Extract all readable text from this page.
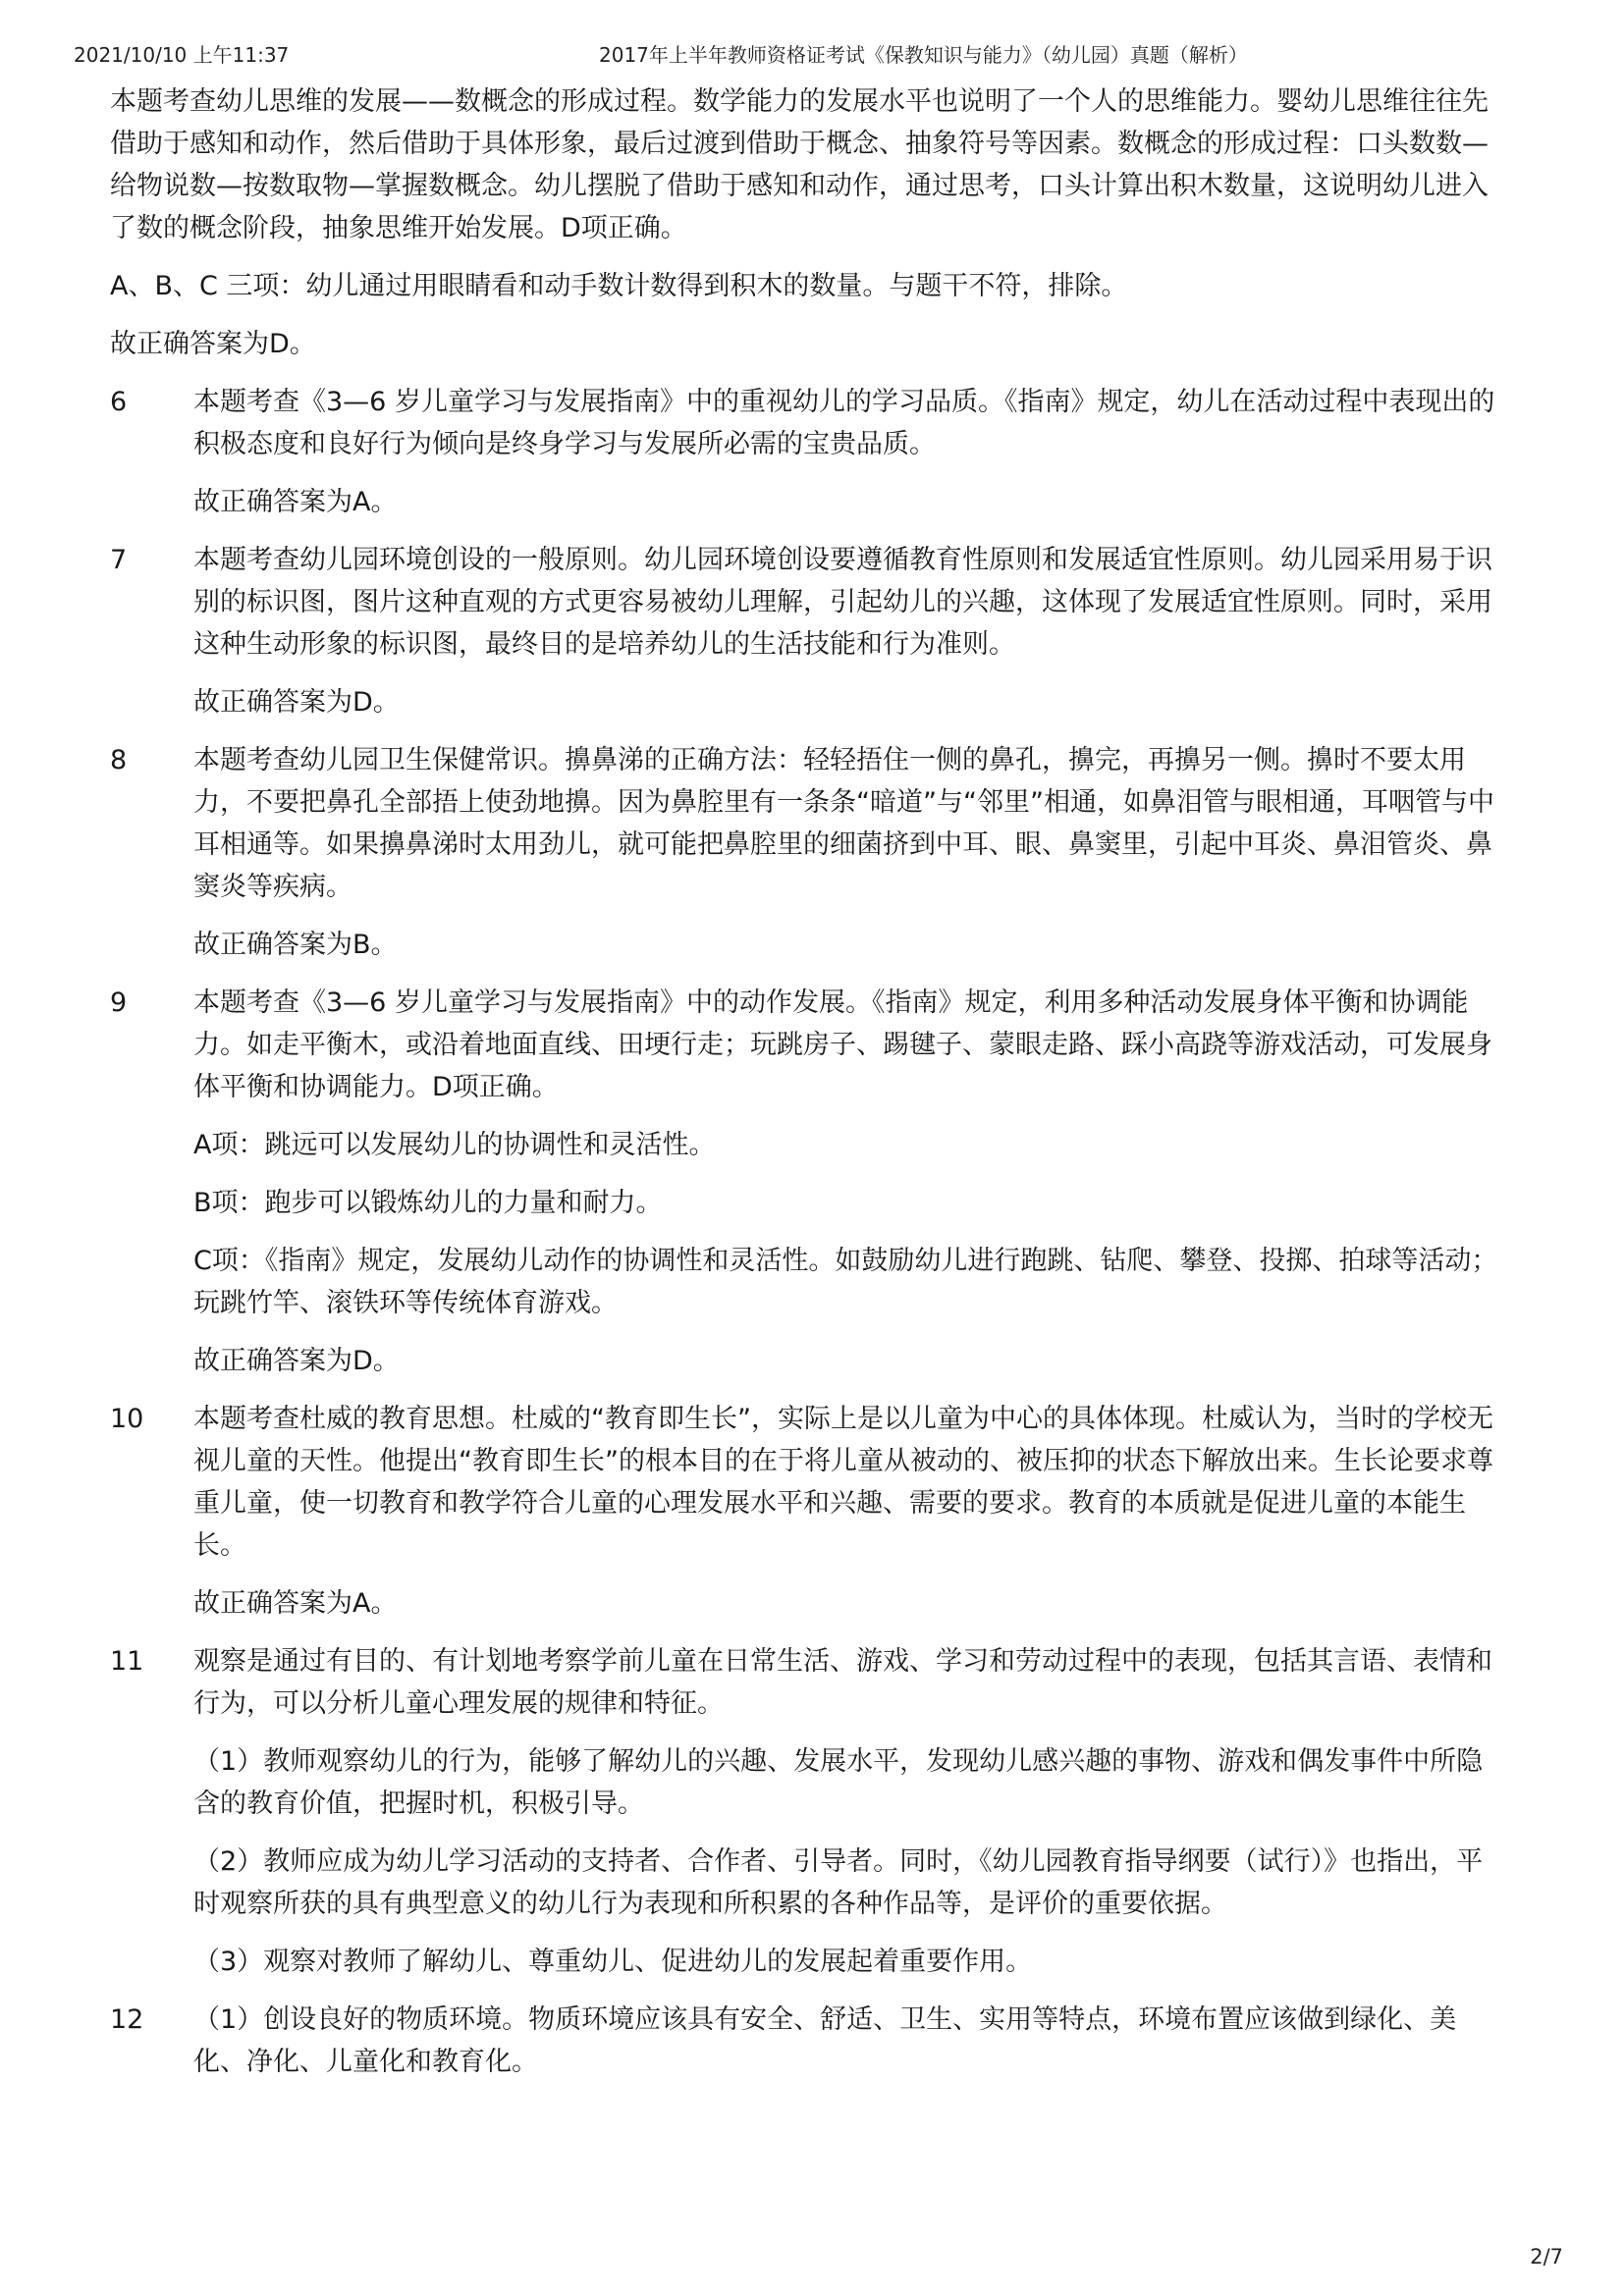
2021/10/10 上午11:37	2017年上半年教师资格证考试《保教知识与能力》（幼儿园）真题（解析）

本题考查幼儿思维的发展——数概念的形成过程。数学能力的发展水平也说明了一个人的思维能力。婴幼儿思维往往先借助于感知和动作，然后借助于具体形象，最后过渡到借助于概念、抽象符号等因素。数概念的形成过程：口头数数—给物说数—按数取物—掌握数概念。幼儿摆脱了借助于感知和动作，通过思考，口头计算出积木数量，这说明幼儿进入了数的概念阶段，抽象思维开始发展。D项正确。

A、B、C 三项：幼儿通过用眼睛看和动手数计数得到积木的数量。与题干不符，排除。

故正确答案为D。

6	本题考查《3—6 岁儿童学习与发展指南》中的重视幼儿的学习品质。《指南》规定，幼儿在活动过程中表现出的积极态度和良好行为倾向是终身学习与发展所必需的宝贵品质。

故正确答案为A。

7	本题考查幼儿园环境创设的一般原则。幼儿园环境创设要遵循教育性原则和发展适宜性原则。幼儿园采用易于识别的标识图，图片这种直观的方式更容易被幼儿理解，引起幼儿的兴趣，这体现了发展适宜性原则。同时，采用这种生动形象的标识图，最终目的是培养幼儿的生活技能和行为准则。

故正确答案为D。

8	本题考查幼儿园卫生保健常识。擤鼻涕的正确方法：轻轻捂住一侧的鼻孔，擤完，再擤另一侧。擤时不要太用力，不要把鼻孔全部捂上使劲地擤。因为鼻腔里有一条条“暗道”与“邻里”相通，如鼻泪管与眼相通，耳咽管与中耳相通等。如果擤鼻涕时太用劲儿，就可能把鼻腔里的细菌挤到中耳、眼、鼻窦里，引起中耳炎、鼻泪管炎、鼻窦炎等疾病。

故正确答案为B。

9	本题考查《3—6 岁儿童学习与发展指南》中的动作发展。《指南》规定，利用多种活动发展身体平衡和协调能力。如走平衡木，或沿着地面直线、田埂行走；玩跳房子、踢毽子、蒙眼走路、踩小高跷等游戏活动，可发展身体平衡和协调能力。D项正确。

A项：跳远可以发展幼儿的协调性和灵活性。

B项：跑步可以锻炼幼儿的力量和耐力。

C项：《指南》规定，发展幼儿动作的协调性和灵活性。如鼓励幼儿进行跑跳、钻爬、攀登、投掷、拍球等活动；玩跳竹竿、滚铁环等传统体育游戏。

故正确答案为D。

10 本题考查杜威的教育思想。杜威的“教育即生长”，实际上是以儿童为中心的具体体现。杜威认为，当时的学校无视儿童的天性。他提出“教育即生长”的根本目的在于将儿童从被动的、被压抑的状态下解放出来。生长论要求尊重儿童，使一切教育和教学符合儿童的心理发展水平和兴趣、需要的要求。教育的本质就是促进儿童的本能生长。

故正确答案为A。

11 观察是通过有目的、有计划地考察学前儿童在日常生活、游戏、学习和劳动过程中的表现，包括其言语、表情和行为，可以分析儿童心理发展的规律和特征。

（1）教师观察幼儿的行为，能够了解幼儿的兴趣、发展水平，发现幼儿感兴趣的事物、游戏和偶发事件中所隐含的教育价值，把握时机，积极引导。

（2）教师应成为幼儿学习活动的支持者、合作者、引导者。同时，《幼儿园教育指导纲要（试行）》也指出，平时观察所获的具有典型意义的幼儿行为表现和所积累的各种作品等，是评价的重要依据。

（3）观察对教师了解幼儿、尊重幼儿、促进幼儿的发展起着重要作用。

12 （1）创设良好的物质环境。物质环境应该具有安全、舒适、卫生、实用等特点，环境布置应该做到绿化、美化、净化、儿童化和教育化。

2/7
